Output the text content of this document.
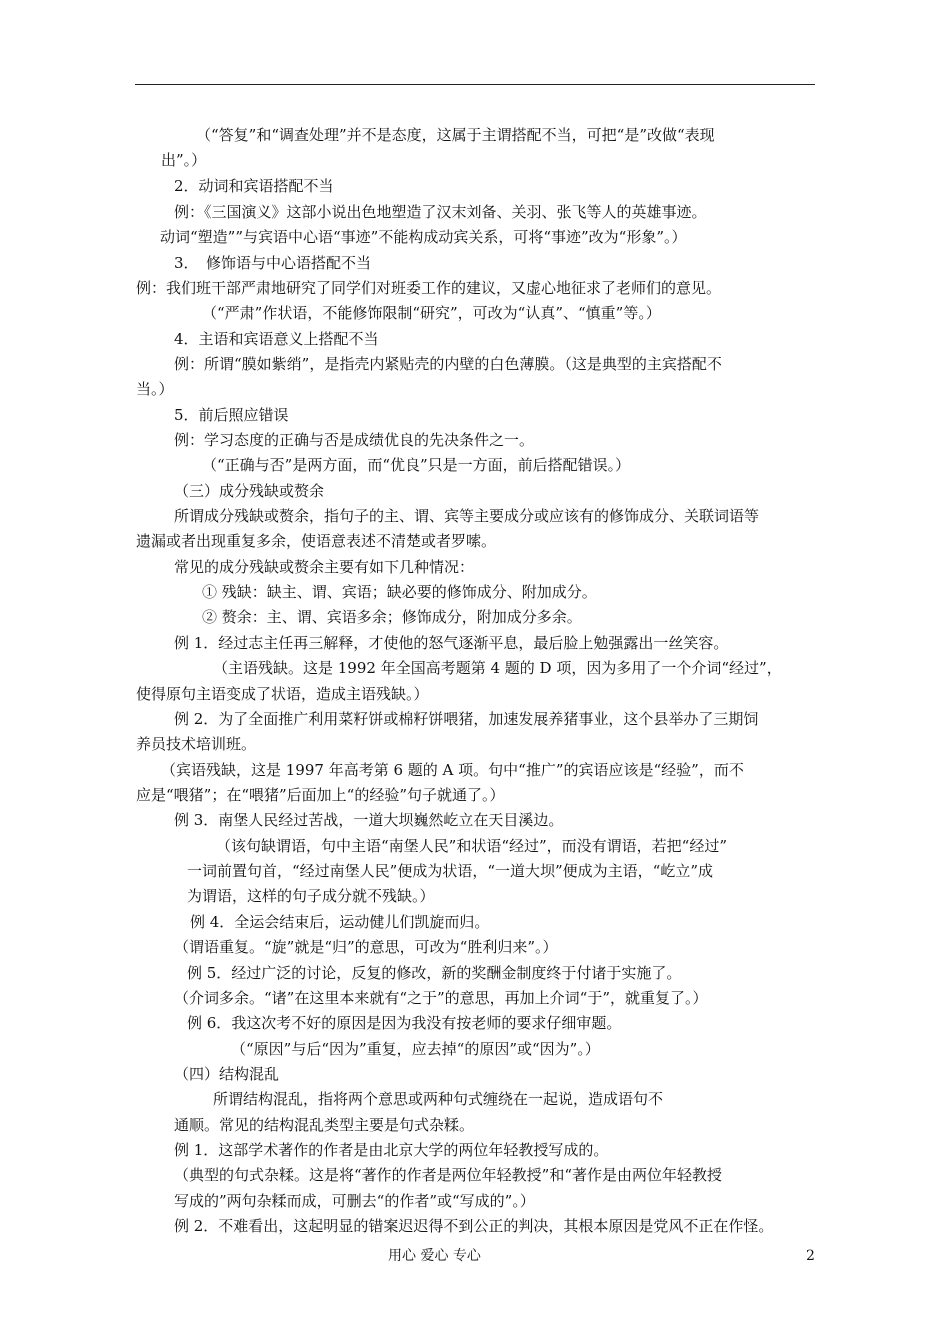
（“答复”和“调查处理”并不是态度，这属于主谓搭配不当，可把“是”改做“表现
出”。）
2．动词和宾语搭配不当
例：《三国演义》这部小说出色地塑造了汉末刘备、关羽、张飞等人的英雄事迹。
动词“塑造””与宾语中心语“事迹”不能构成动宾关系，可将“事迹”改为“形象”。）
3．　修饰语与中心语搭配不当
例：我们班干部严肃地研究了同学们对班委工作的建议，又虚心地征求了老师们的意见。
（“严肃”作状语，不能修饰限制“研究”，可改为“认真”、“慎重”等。）
4．主语和宾语意义上搭配不当
例：所谓“膜如紫绡”，是指壳内紧贴壳的内壁的白色薄膜。（这是典型的主宾搭配不
当。）
5．前后照应错误
例：学习态度的正确与否是成绩优良的先决条件之一。
（“正确与否”是两方面，而“优良”只是一方面，前后搭配错误。）
（三）成分残缺或赘余
所谓成分残缺或赘余，指句子的主、谓、宾等主要成分或应该有的修饰成分、关联词语等
遗漏或者出现重复多余，使语意表述不清楚或者罗嗦。
常见的成分残缺或赘余主要有如下几种情况：
① 残缺：缺主、谓、宾语；缺必要的修饰成分、附加成分。
② 赘余：主、谓、宾语多余；修饰成分，附加成分多余。
例 1．经过志主任再三解释，才使他的怒气逐渐平息，最后脸上勉强露出一丝笑容。
（主语残缺。这是 1992 年全国高考题第 4 题的 D 项，因为多用了一个介词“经过”，
使得原句主语变成了状语，造成主语残缺。）
例 2．为了全面推广利用菜籽饼或棉籽饼喂猪，加速发展养猪事业，这个县举办了三期饲
养员技术培训班。
（宾语残缺，这是 1997 年高考第 6 题的 A 项。句中“推广”的宾语应该是“经验”，而不
应是“喂猪”；在“喂猪”后面加上“的经验”句子就通了。）
例 3．南堡人民经过苦战，一道大坝巍然屹立在天目溪边。
（该句缺谓语，句中主语“南堡人民”和状语“经过”，而没有谓语，若把“经过”
一词前置句首，“经过南堡人民”便成为状语，“一道大坝”便成为主语，“屹立”成
为谓语，这样的句子成分就不残缺。）
例 4．全运会结束后，运动健儿们凯旋而归。
（谓语重复。“旋”就是“归”的意思，可改为“胜利归来”。）
例 5．经过广泛的讨论，反复的修改，新的奖酬金制度终于付诸于实施了。
（介词多余。“诸”在这里本来就有“之于”的意思，再加上介词“于”，就重复了。）
例 6．我这次考不好的原因是因为我没有按老师的要求仔细审题。
（“原因”与后“因为”重复，应去掉“的原因”或“因为”。）
（四）结构混乱
所谓结构混乱，指将两个意思或两种句式缠绕在一起说，造成语句不
通顺。常见的结构混乱类型主要是句式杂糅。
例 1．这部学术著作的作者是由北京大学的两位年轻教授写成的。
（典型的句式杂糅。这是将“著作的作者是两位年轻教授”和“著作是由两位年轻教授
写成的”两句杂糅而成，可删去“的作者”或“写成的”。）
例 2．不难看出，这起明显的错案迟迟得不到公正的判决，其根本原因是党风不正在作怪。
用心 爱心 专心	2
